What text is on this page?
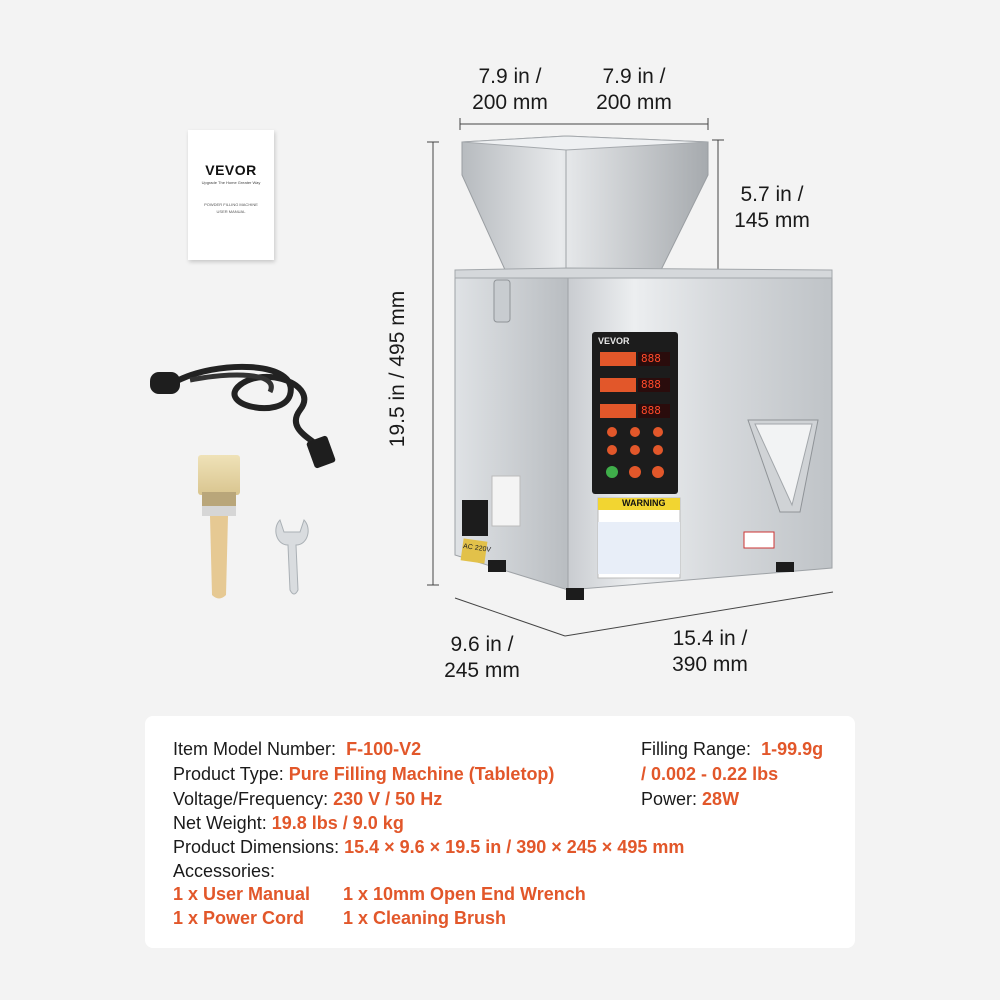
VEVOR
888
888
888
WARNING
AC 220V
VEVOR
Upgrade The Home Greater Way
POWDER FILLING MACHINE
USER MANUAL
7.9 in /
200 mm
7.9 in /
200 mm
5.7 in /
145 mm
19.5 in / 495 mm
9.6 in /
245 mm
15.4 in /
390 mm
Item Model Number: F-100-V2
Product Type: Pure Filling Machine (Tabletop)
Voltage/Frequency: 230 V / 50 Hz
Net Weight: 19.8 lbs / 9.0 kg
Product Dimensions: 15.4 × 9.6 × 19.5 in / 390 × 245 × 495 mm
Accessories:
1 x User Manual 1 x 10mm Open End Wrench
1 x Power Cord 1 x Cleaning Brush
Filling Range: 1-99.9g
/ 0.002 - 0.22 lbs
Power: 28W
